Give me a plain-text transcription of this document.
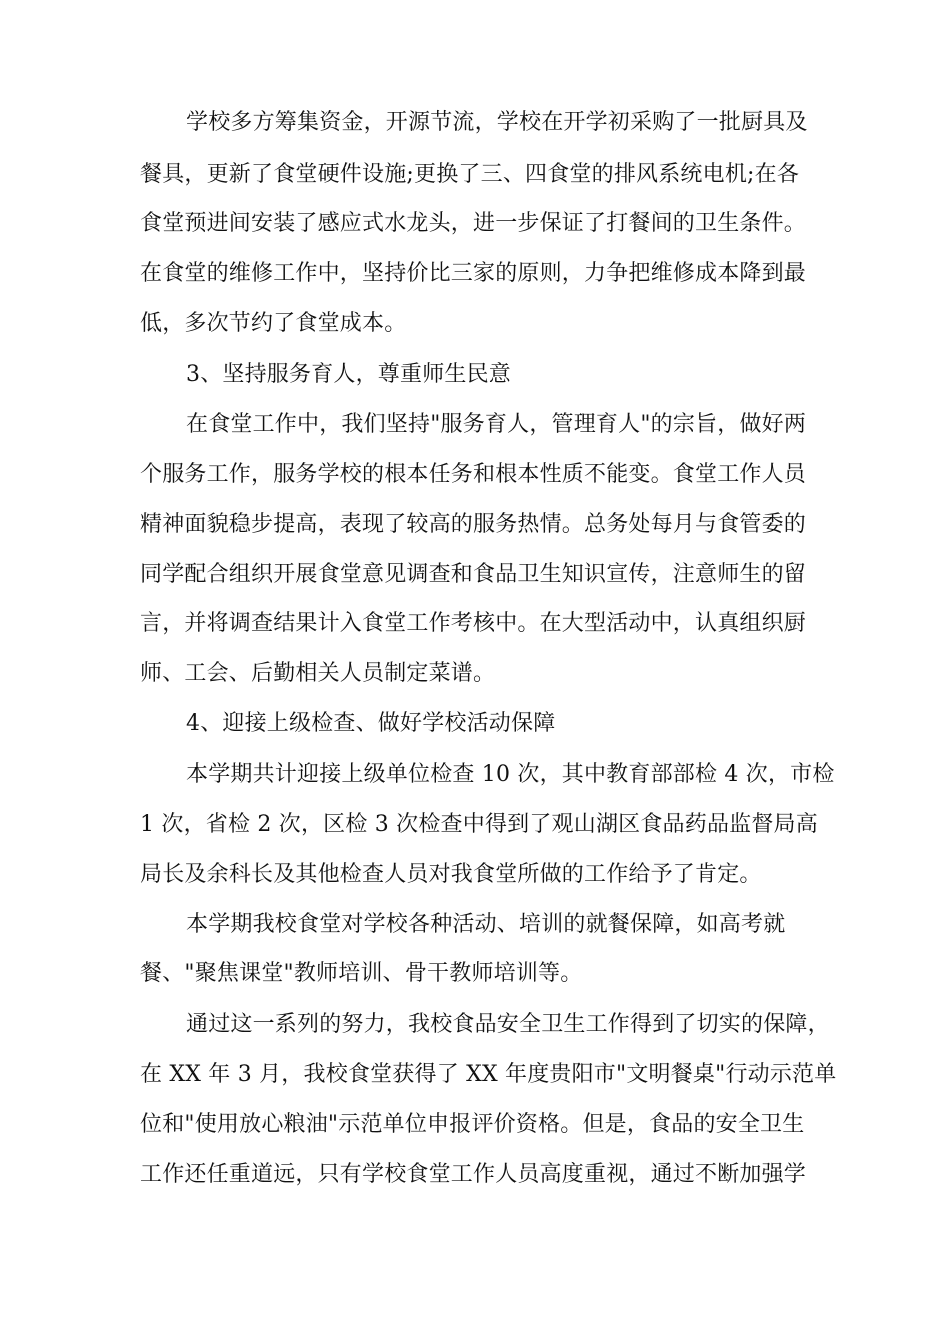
学校多方筹集资金，开源节流，学校在开学初采购了一批厨具及
餐具，更新了食堂硬件设施;更换了三、四食堂的排风系统电机;在各
食堂预进间安装了感应式水龙头，进一步保证了打餐间的卫生条件。
在食堂的维修工作中，坚持价比三家的原则，力争把维修成本降到最
低，多次节约了食堂成本。
3、坚持服务育人，尊重师生民意
在食堂工作中，我们坚持"服务育人，管理育人"的宗旨，做好两
个服务工作，服务学校的根本任务和根本性质不能变。食堂工作人员
精神面貌稳步提高，表现了较高的服务热情。总务处每月与食管委的
同学配合组织开展食堂意见调查和食品卫生知识宣传，注意师生的留
言，并将调查结果计入食堂工作考核中。在大型活动中，认真组织厨
师、工会、后勤相关人员制定菜谱。
4、迎接上级检查、做好学校活动保障
本学期共计迎接上级单位检查 10 次，其中教育部部检 4 次，市检
1 次，省检 2 次，区检 3 次检查中得到了观山湖区食品药品监督局高
局长及余科长及其他检查人员对我食堂所做的工作给予了肯定。
本学期我校食堂对学校各种活动、培训的就餐保障，如高考就
餐、"聚焦课堂"教师培训、骨干教师培训等。
通过这一系列的努力，我校食品安全卫生工作得到了切实的保障，
在 XX 年 3 月，我校食堂获得了 XX 年度贵阳市"文明餐桌"行动示范单
位和"使用放心粮油"示范单位申报评价资格。但是，食品的安全卫生
工作还任重道远，只有学校食堂工作人员高度重视，通过不断加强学
